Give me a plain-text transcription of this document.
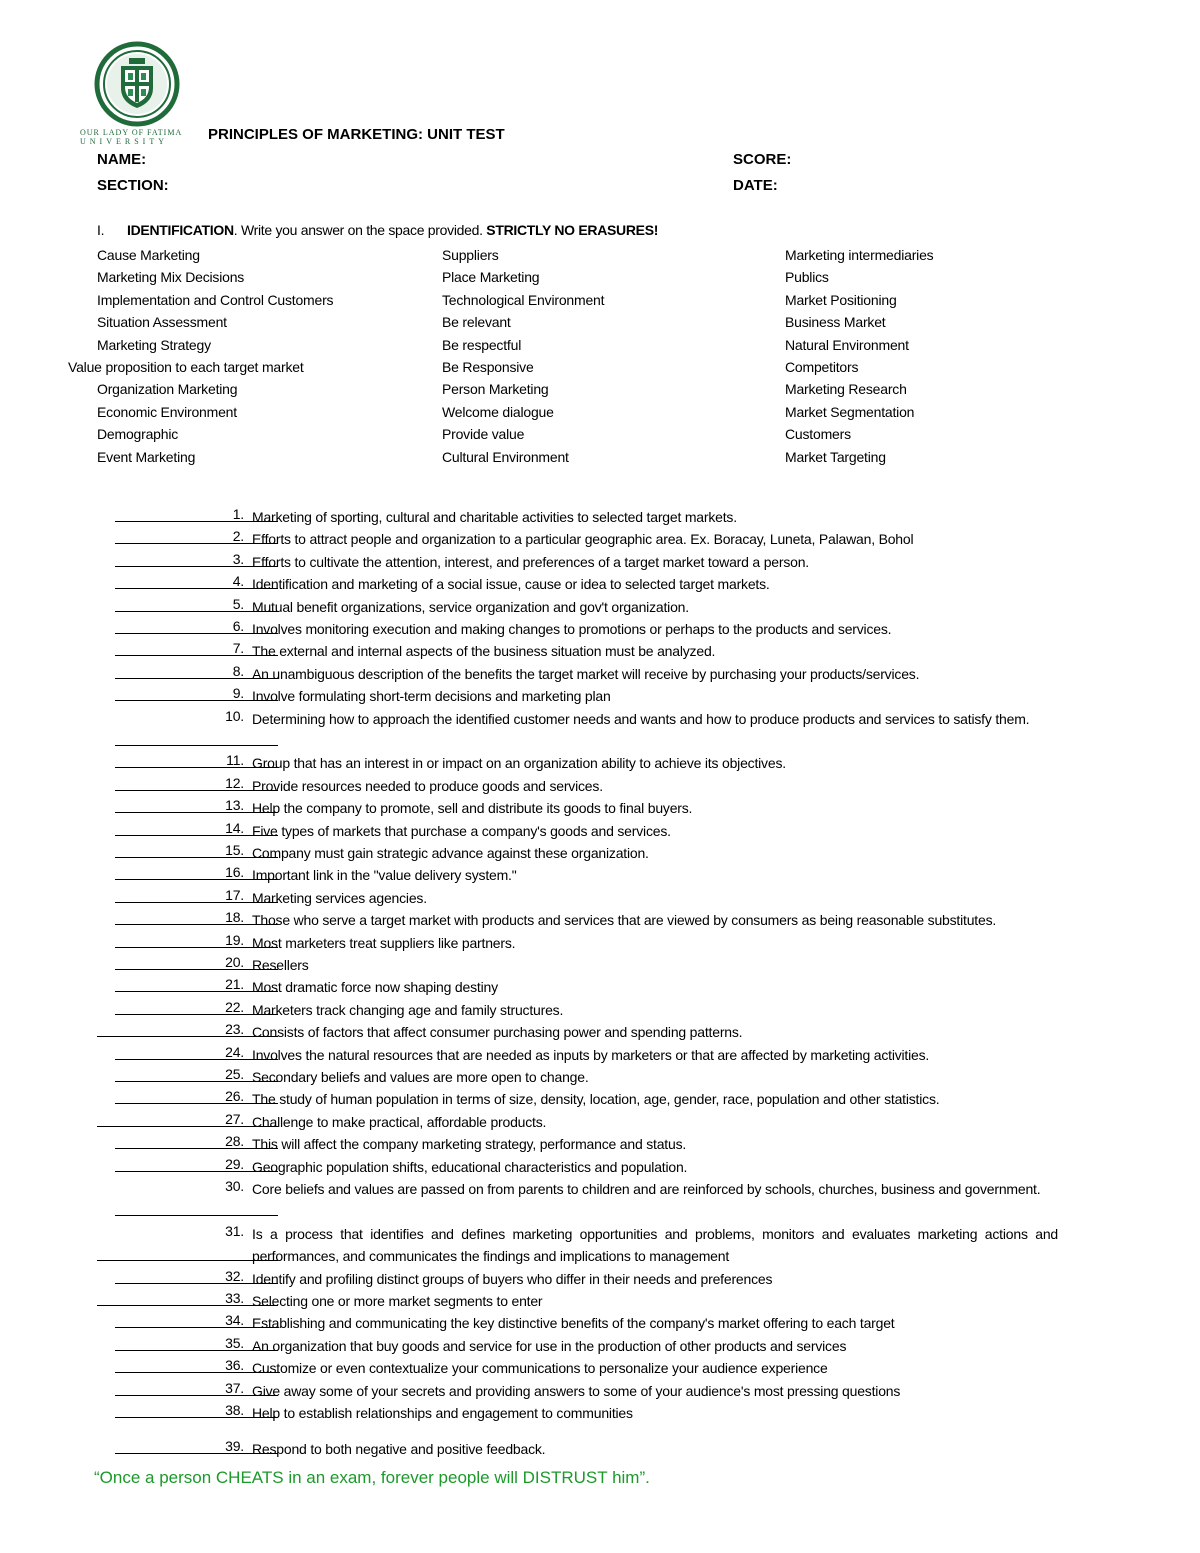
OUR LADY OF FATIMA
UNIVERSITY	PRINCIPLES OF MARKETING: UNIT TEST
NAME:
SECTION:
SCORE:
DATE:
I. IDENTIFICATION. Write you answer on the space provided. STRICTLY NO ERASURES!
Cause Marketing
Marketing Mix Decisions
Implementation and Control Customers
Situation Assessment
Marketing Strategy
Value proposition to each target market
Organization Marketing
Economic Environment
Demographic
Event Marketing
Suppliers
Place Marketing
Technological Environment
Be relevant
Be respectful
Be Responsive
Person Marketing
Welcome dialogue
Provide value
Cultural Environment
Marketing intermediaries
Publics
Market Positioning
Business Market
Natural Environment
Competitors
Marketing Research
Market Segmentation
Customers
Market Targeting
1. Marketing of sporting, cultural and charitable activities to selected target markets.
2. Efforts to attract people and organization to a particular geographic area. Ex. Boracay, Luneta, Palawan, Bohol
3. Efforts to cultivate the attention, interest, and preferences of a target market toward a person.
4. Identification and marketing of a social issue, cause or idea to selected target markets.
5. Mutual benefit organizations, service organization and gov't organization.
6. Involves monitoring execution and making changes to promotions or perhaps to the products and services.
7. The external and internal aspects of the business situation must be analyzed.
8. An unambiguous description of the benefits the target market will receive by purchasing your products/services.
9. Involve formulating short-term decisions and marketing plan
10. Determining how to approach the identified customer needs and wants and how to produce products and services to satisfy them.
11. Group that has an interest in or impact on an organization ability to achieve its objectives.
12. Provide resources needed to produce goods and services.
13. Help the company to promote, sell and distribute its goods to final buyers.
14. Five types of markets that purchase a company's goods and services.
15. Company must gain strategic advance against these organization.
16. Important link in the "value delivery system."
17. Marketing services agencies.
18. Those who serve a target market with products and services that are viewed by consumers as being reasonable substitutes.
19. Most marketers treat suppliers like partners.
20. Resellers
21. Most dramatic force now shaping destiny
22. Marketers track changing age and family structures.
23. Consists of factors that affect consumer purchasing power and spending patterns.
24. Involves the natural resources that are needed as inputs by marketers or that are affected by marketing activities.
25. Secondary beliefs and values are more open to change.
26. The study of human population in terms of size, density, location, age, gender, race, population and other statistics.
27. Challenge to make practical, affordable products.
28. This will affect the company marketing strategy, performance and status.
29. Geographic population shifts, educational characteristics and population.
30. Core beliefs and values are passed on from parents to children and are reinforced by schools, churches, business and government.
31. Is a process that identifies and defines marketing opportunities and problems, monitors and evaluates marketing actions and performances, and communicates the findings and implications to management
32. Identify and profiling distinct groups of buyers who differ in their needs and preferences
33. Selecting one or more market segments to enter
34. Establishing and communicating the key distinctive benefits of the company's market offering to each target
35. An organization that buy goods and service for use in the production of other products and services
36. Customize or even contextualize your communications to personalize your audience experience
37. Give away some of your secrets and providing answers to some of your audience's most pressing questions
38. Help to establish relationships and engagement to communities
39. Respond to both negative and positive feedback.
“Once a person CHEATS in an exam, forever people will DISTRUST him”.
